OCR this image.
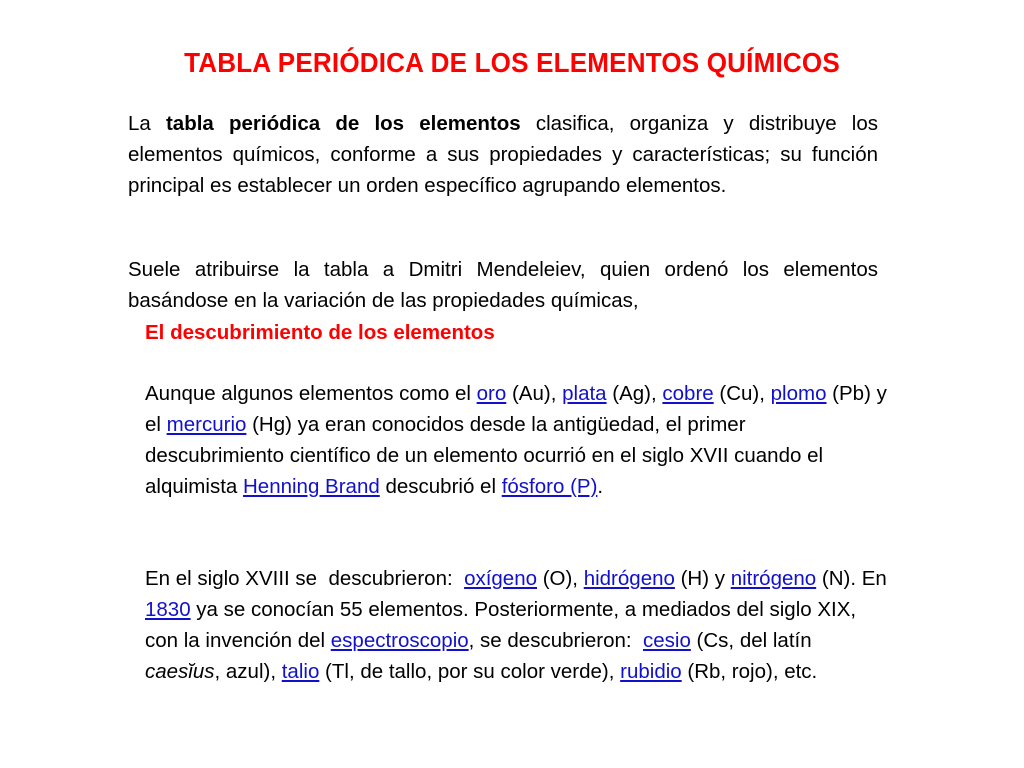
TABLA PERIÓDICA DE LOS ELEMENTOS QUÍMICOS

La tabla periódica de los elementos clasifica, organiza y distribuye los elementos químicos, conforme a sus propiedades y características; su función principal es establecer un orden específico agrupando elementos.

Suele atribuirse la tabla a Dmitri Mendeleiev, quien ordenó los elementos basándose en la variación de las propiedades químicas,

El descubrimiento de los elementos

Aunque algunos elementos como el oro (Au), plata (Ag), cobre (Cu), plomo (Pb) y el mercurio (Hg) ya eran conocidos desde la antigüedad, el primer descubrimiento científico de un elemento ocurrió en el siglo XVII cuando el alquimista Henning Brand descubrió el fósforo (P).

En el siglo XVIII se  descubrieron:  oxígeno (O), hidrógeno (H) y nitrógeno (N). En 1830 ya se conocían 55 elementos. Posteriormente, a mediados del siglo XIX, con la invención del espectroscopio, se descubrieron:  cesio (Cs, del latín caesĭus, azul), talio (Tl, de tallo, por su color verde), rubidio (Rb, rojo), etc.
